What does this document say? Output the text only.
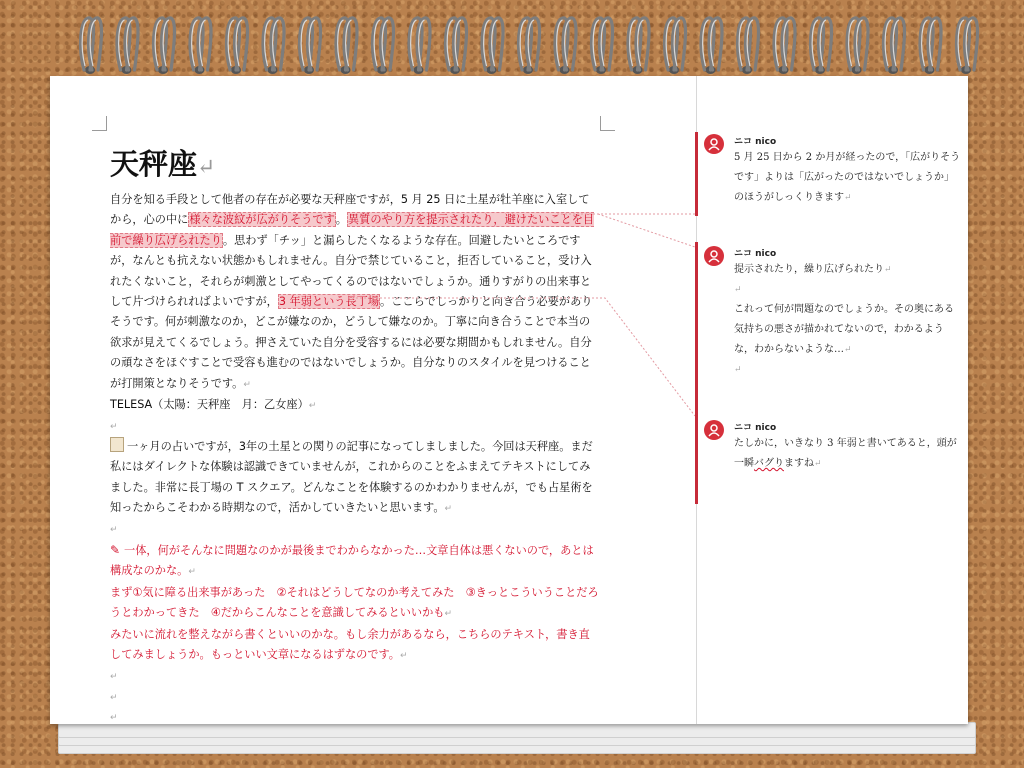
天秤座↵

自分を知る手段として他者の存在が必要な天秤座ですが，5 月 25 日に土星が牡羊座に入室してから，心の中に様々な波紋が広がりそうです。異質のやり方を提示されたり，避けたいことを目前で繰り広げられたり。思わず「チッ」と漏らしたくなるような存在。回避したいところですが，なんとも抗えない状態かもしれません。自分で禁じていること，拒否していること，受け入れたくないこと，それらが刺激としてやってくるのではないでしょうか。通りすがりの出来事として片づけられればよいですが，3 年弱という長丁場。ここらでしっかりと向き合う必要がありそうです。何が刺激なのか，どこが嫌なのか，どうして嫌なのか。丁寧に向き合うことで本当の欲求が見えてくるでしょう。押さえていた自分を受容するには必要な期間かもしれません。自分の頑なさをほぐすことで受容も進むのではないでしょうか。自分なりのスタイルを見つけることが打開策となりそうです。↵

TELESA（太陽：天秤座　月：乙女座）↵

↵

一ヶ月の占いですが，3年の土星との関りの記事になってしましました。今回は天秤座。まだ私にはダイレクトな体験は認識できていませんが，これからのことをふまえてテキストにしてみました。非常に長丁場の T スクエア。どんなことを体験するのかわかりませんが，でも占星術を知ったからこそわかる時期なので，活かしていきたいと思います。↵

↵

✎ 一体，何がそんなに問題なのかが最後までわからなかった…文章自体は悪くないので，あとは構成なのかな。↵

まず①気に障る出来事があった　②それはどうしてなのか考えてみた　③きっとこういうことだろうとわかってきた　④だからこんなことを意識してみるといいかも↵

みたいに流れを整えながら書くといいのかな。もし余力があるなら，こちらのテキスト，書き直してみましょうか。もっといい文章になるはずなのです。↵

↵

↵

↵

ニコ nico
5 月 25 日から 2 か月が経ったので，「広がりそうです」よりは「広がったのではないでしょうか」のほうがしっくりきます↵
ニコ nico
提示されたり，繰り広げられたり↵
↵
これって何が問題なのでしょうか。その奥にある気持ちの悪さが描かれてないので，わかるような，わからないような…↵
↵
ニコ nico
たしかに，いきなり 3 年弱と書いてあると，頭が一瞬バグりますね↵
